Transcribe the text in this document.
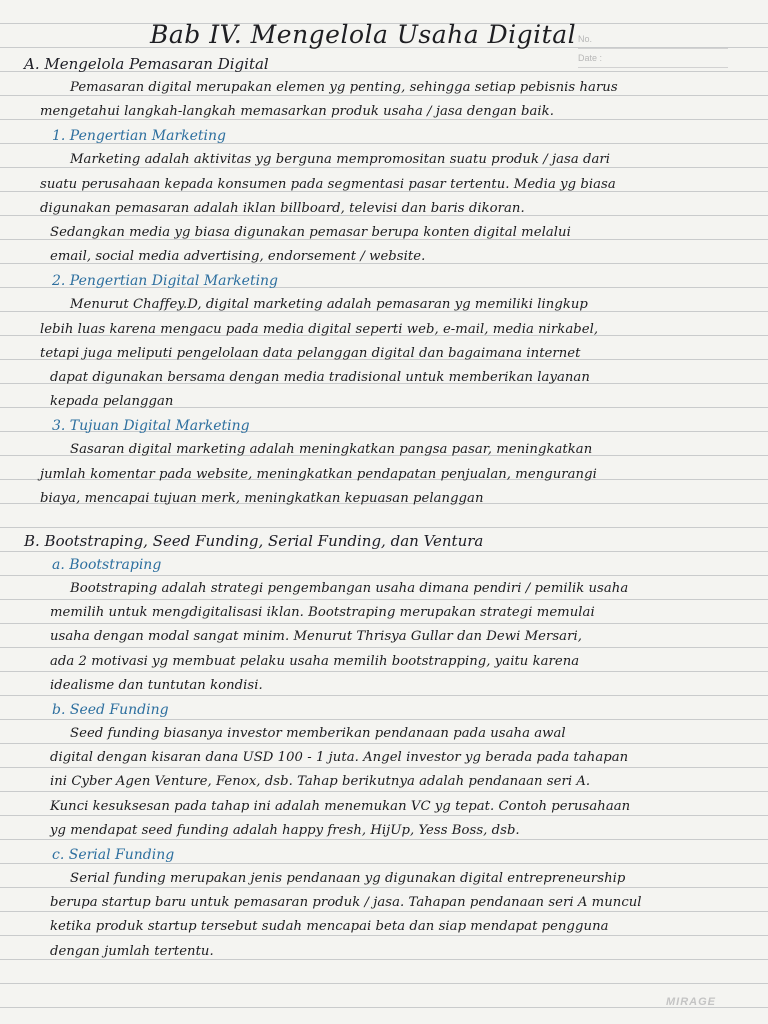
No.
Date :
Bab IV. Mengelola Usaha Digital

A. Mengelola Pemasaran Digital

Pemasaran digital merupakan elemen yg penting, sehingga setiap pebisnis harus

mengetahui langkah-langkah memasarkan produk usaha / jasa dengan baik.

1. Pengertian Marketing

Marketing adalah aktivitas yg berguna mempromositan suatu produk / jasa dari

suatu perusahaan kepada konsumen pada segmentasi pasar tertentu. Media yg biasa

digunakan pemasaran adalah iklan billboard, televisi dan baris dikoran.

Sedangkan media yg biasa digunakan pemasar berupa konten digital melalui

email, social media advertising, endorsement / website.

2. Pengertian Digital Marketing

Menurut Chaffey.D, digital marketing adalah pemasaran yg memiliki lingkup

lebih luas karena mengacu pada media digital seperti web, e-mail, media nirkabel,

tetapi juga meliputi pengelolaan data pelanggan digital dan bagaimana internet

dapat digunakan bersama dengan media tradisional untuk memberikan layanan

kepada pelanggan

3. Tujuan Digital Marketing

Sasaran digital marketing adalah meningkatkan pangsa pasar, meningkatkan

jumlah komentar pada website, meningkatkan pendapatan penjualan, mengurangi

biaya, mencapai tujuan merk, meningkatkan kepuasan pelanggan

B. Bootstraping, Seed Funding, Serial Funding, dan Ventura

a. Bootstraping

Bootstraping adalah strategi pengembangan usaha dimana pendiri / pemilik usaha

memilih untuk mengdigitalisasi iklan. Bootstraping merupakan strategi memulai

usaha dengan modal sangat minim. Menurut Thrisya Gullar dan Dewi Mersari,

ada 2 motivasi yg membuat pelaku usaha memilih bootstrapping, yaitu karena

idealisme dan tuntutan kondisi.

b. Seed Funding

Seed funding biasanya investor memberikan pendanaan pada usaha awal

digital dengan kisaran dana USD 100 - 1 juta. Angel investor yg berada pada tahapan

ini Cyber Agen Venture, Fenox, dsb. Tahap berikutnya adalah pendanaan seri A.

Kunci kesuksesan pada tahap ini adalah menemukan VC yg tepat. Contoh perusahaan

yg mendapat seed funding adalah happy fresh, HijUp, Yess Boss, dsb.

c. Serial Funding

Serial funding merupakan jenis pendanaan yg digunakan digital entrepreneurship

berupa startup baru untuk pemasaran produk / jasa. Tahapan pendanaan seri A muncul

ketika produk startup tersebut sudah mencapai beta dan siap mendapat pengguna

dengan jumlah tertentu.

MIRAGE
